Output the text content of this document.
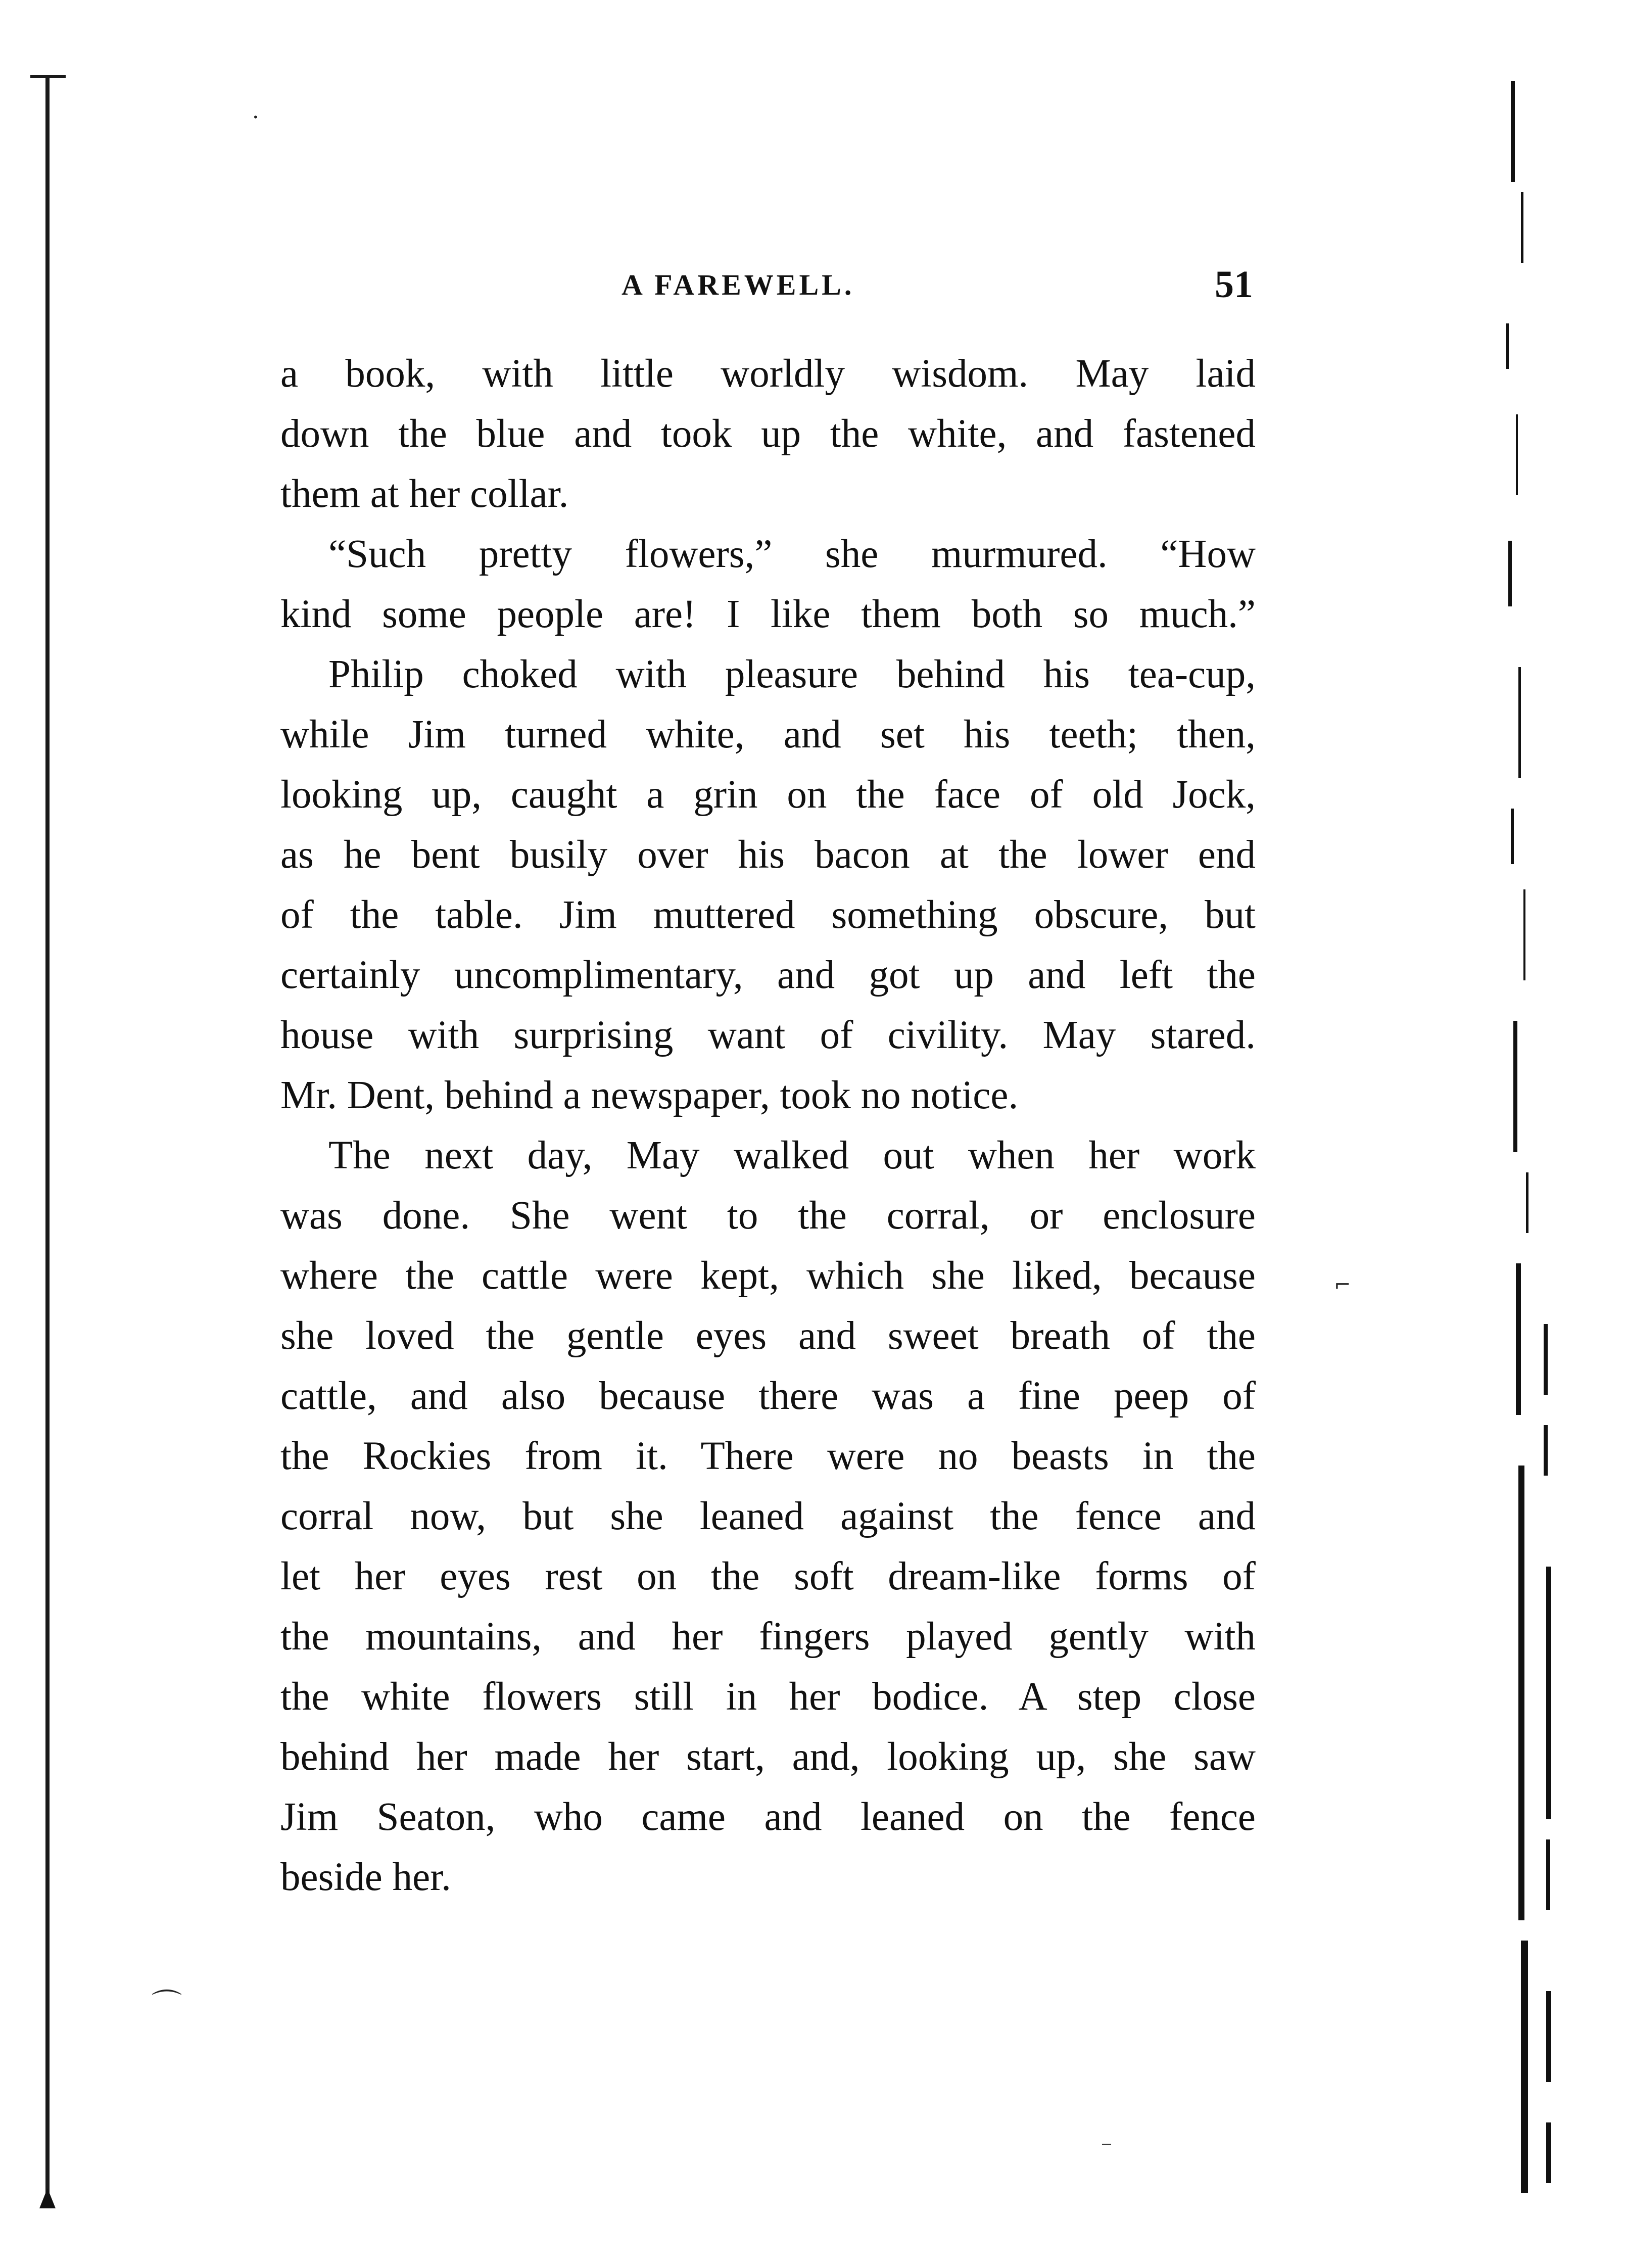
A FAREWELL.	51
a book, with little worldly wisdom. May laid
down the blue and took up the white, and fastened
them at her collar.
“Such pretty flowers,” she murmured. “How
kind some people are! I like them both so much.”
Philip choked with pleasure behind his tea-cup,
while Jim turned white, and set his teeth; then,
looking up, caught a grin on the face of old Jock,
as he bent busily over his bacon at the lower end
of the table. Jim muttered something obscure, but
certainly uncomplimentary, and got up and left the
house with surprising want of civility. May stared.
Mr. Dent, behind a newspaper, took no notice.
The next day, May walked out when her work
was done. She went to the corral, or enclosure
where the cattle were kept, which she liked, because
she loved the gentle eyes and sweet breath of the
cattle, and also because there was a fine peep of
the Rockies from it. There were no beasts in the
corral now, but she leaned against the fence and
let her eyes rest on the soft dream-like forms of
the mountains, and her fingers played gently with
the white flowers still in her bodice. A step close
behind her made her start, and, looking up, she saw
Jim Seaton, who came and leaned on the fence
beside her.
•
⌐
⌒
—
